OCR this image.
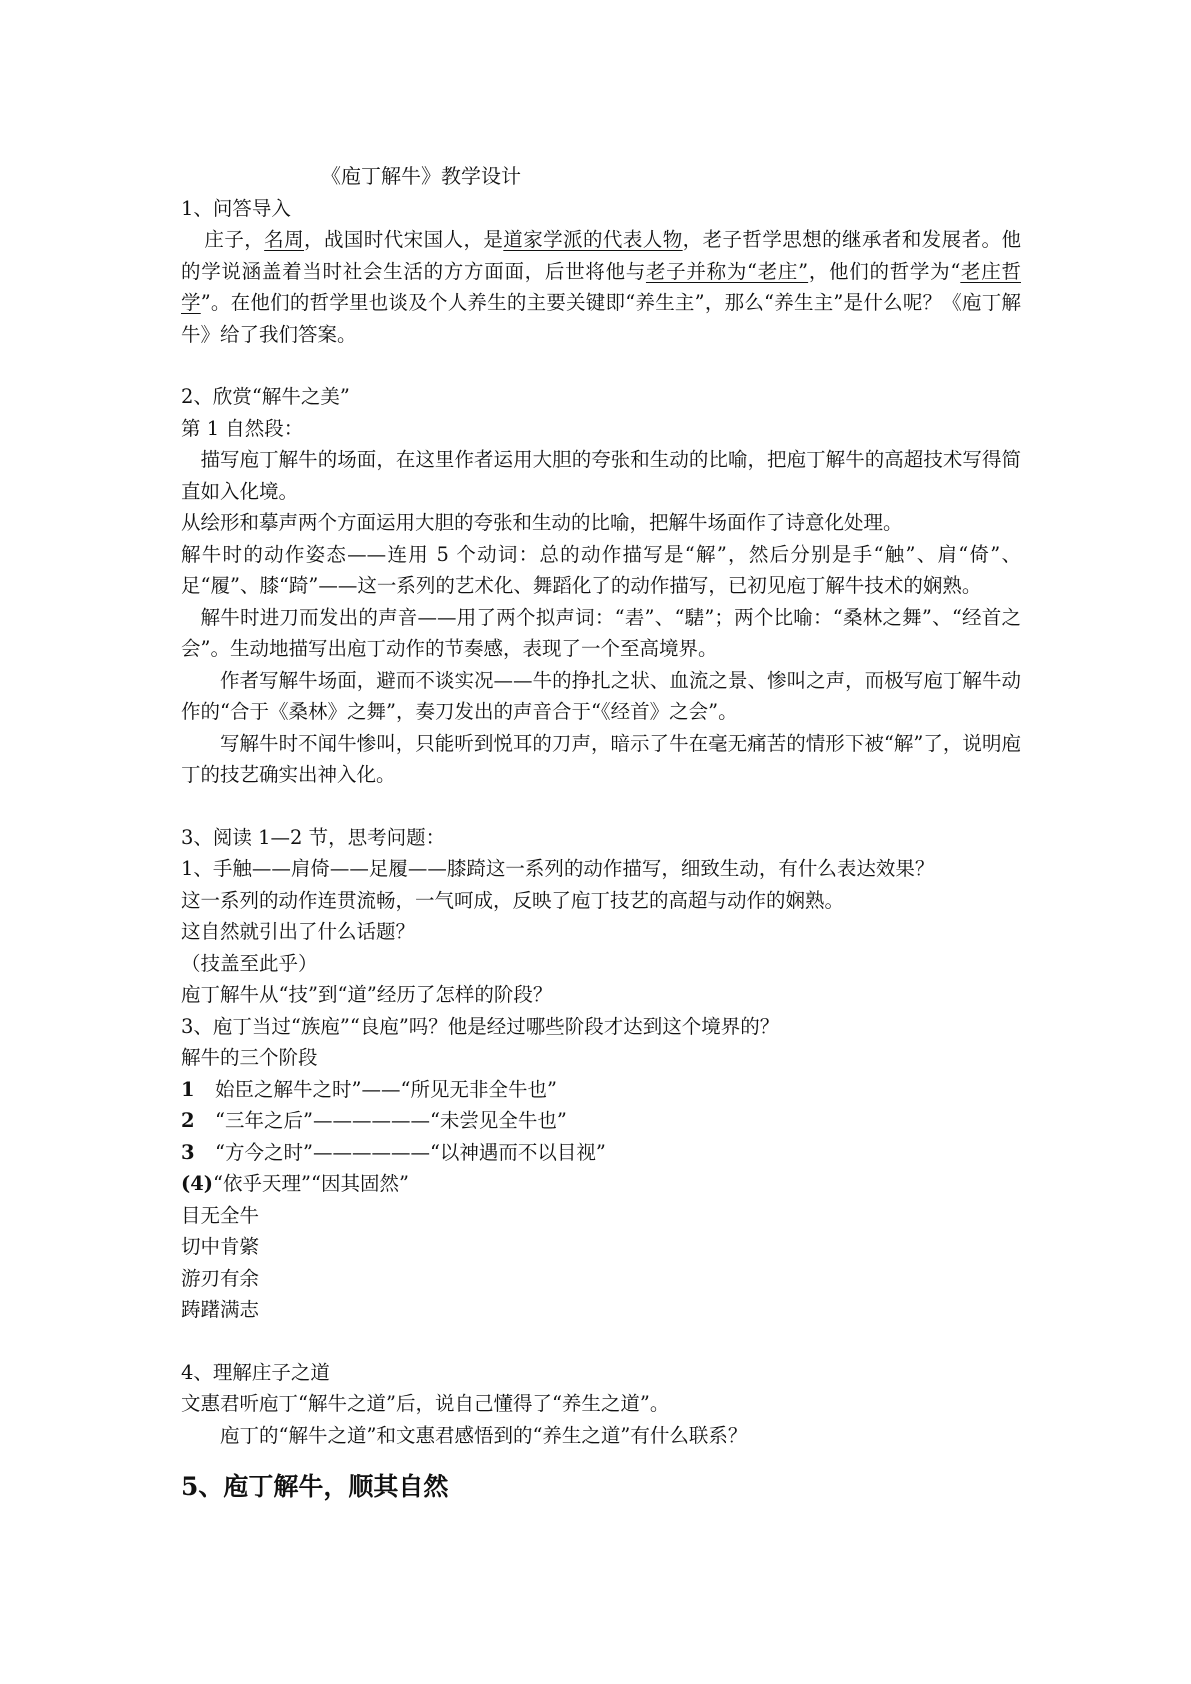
《庖丁解牛》教学设计

1、问答导入

庄子，名周，战国时代宋国人，是道家学派的代表人物，老子哲学思想的继承者和发展者。他的学说涵盖着当时社会生活的方方面面，后世将他与老子并称为“老庄”，他们的哲学为“老庄哲学”。在他们的哲学里也谈及个人养生的主要关键即“养生主”，那么“养生主”是什么呢？《庖丁解牛》给了我们答案。

2、欣赏“解牛之美”

第 1 自然段：

描写庖丁解牛的场面，在这里作者运用大胆的夸张和生动的比喻，把庖丁解牛的高超技术写得简直如入化境。

从绘形和摹声两个方面运用大胆的夸张和生动的比喻，把解牛场面作了诗意化处理。

解牛时的动作姿态——连用 5 个动词：总的动作描写是“解”，然后分别是手“触”、肩“倚”、足“履”、膝“踦”——这一系列的艺术化、舞蹈化了的动作描写，已初见庖丁解牛技术的娴熟。

解牛时进刀而发出的声音——用了两个拟声词：“砉”、“騞”；两个比喻：“桑林之舞”、“经首之会”。生动地描写出庖丁动作的节奏感，表现了一个至高境界。

作者写解牛场面，避而不谈实况——牛的挣扎之状、血流之景、惨叫之声，而极写庖丁解牛动作的“合于《桑林》之舞”，奏刀发出的声音合于“《经首》之会”。

写解牛时不闻牛惨叫，只能听到悦耳的刀声，暗示了牛在毫无痛苦的情形下被“解”了，说明庖丁的技艺确实出神入化。

3、阅读 1—2 节，思考问题：

1、手触——肩倚——足履——膝踦这一系列的动作描写，细致生动，有什么表达效果？

这一系列的动作连贯流畅，一气呵成，反映了庖丁技艺的高超与动作的娴熟。

这自然就引出了什么话题？

（技盖至此乎）

庖丁解牛从“技”到“道”经历了怎样的阶段？

3、庖丁当过“族庖”“良庖”吗？他是经过哪些阶段才达到这个境界的？

解牛的三个阶段

1 始臣之解牛之时”——“所见无非全牛也”

2 “三年之后”——————“未尝见全牛也”

3 “方今之时”——————“以神遇而不以目视”

(4)“依乎天理”“因其固然”

目无全牛

切中肯綮

游刃有余

踌躇满志

4、理解庄子之道

文惠君听庖丁“解牛之道”后，说自己懂得了“养生之道”。

庖丁的“解牛之道”和文惠君感悟到的“养生之道”有什么联系？

5、庖丁解牛，顺其自然
